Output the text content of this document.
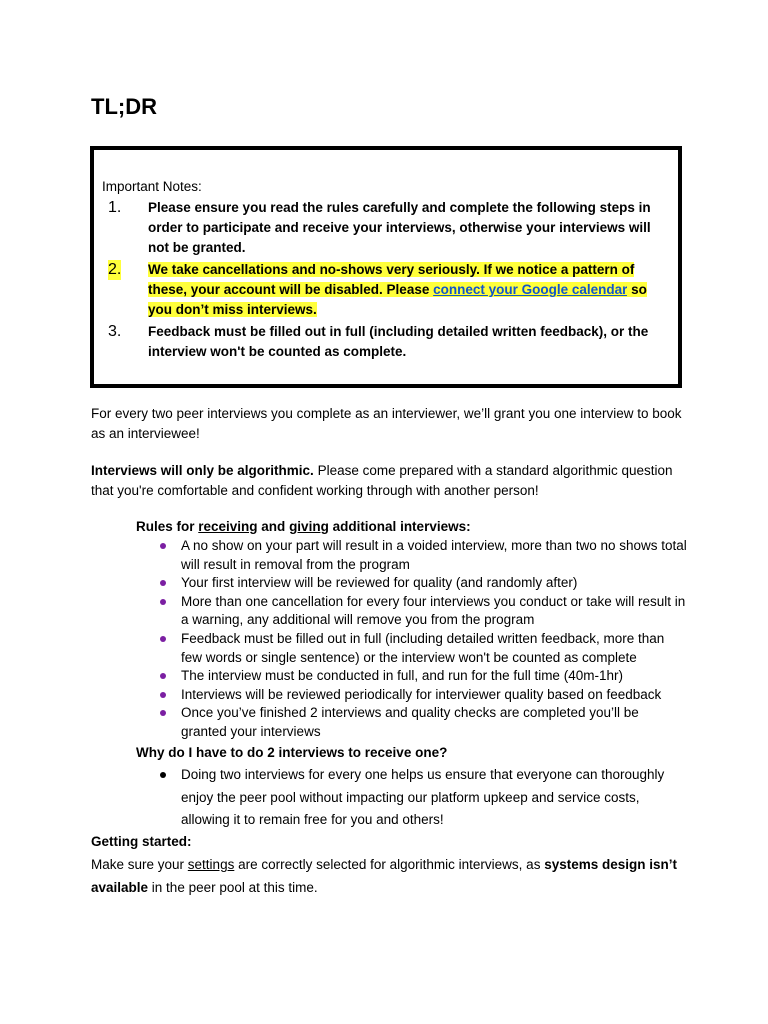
TL;DR
Important Notes:
1. Please ensure you read the rules carefully and complete the following steps in order to participate and receive your interviews, otherwise your interviews will not be granted.
2. We take cancellations and no-shows very seriously. If we notice a pattern of these, your account will be disabled. Please connect your Google calendar so you don’t miss interviews.
3. Feedback must be filled out in full (including detailed written feedback), or the interview won't be counted as complete.

For every two peer interviews you complete as an interviewer, we’ll grant you one interview to book as an interviewee!

Interviews will only be algorithmic. Please come prepared with a standard algorithmic question that you're comfortable and confident working through with another person!

Rules for receiving and giving additional interviews:
A no show on your part will result in a voided interview, more than two no shows total will result in removal from the program
Your first interview will be reviewed for quality (and randomly after)
More than one cancellation for every four interviews you conduct or take will result in a warning, any additional will remove you from the program
Feedback must be filled out in full (including detailed written feedback, more than few words or single sentence) or the interview won't be counted as complete
The interview must be conducted in full, and run for the full time (40m-1hr)
Interviews will be reviewed periodically for interviewer quality based on feedback
Once you’ve finished 2 interviews and quality checks are completed you’ll be granted your interviews
Why do I have to do 2 interviews to receive one?
Doing two interviews for every one helps us ensure that everyone can thoroughly enjoy the peer pool without impacting our platform upkeep and service costs, allowing it to remain free for you and others!
Getting started:
Make sure your settings are correctly selected for algorithmic interviews, as systems design isn’t available in the peer pool at this time.
